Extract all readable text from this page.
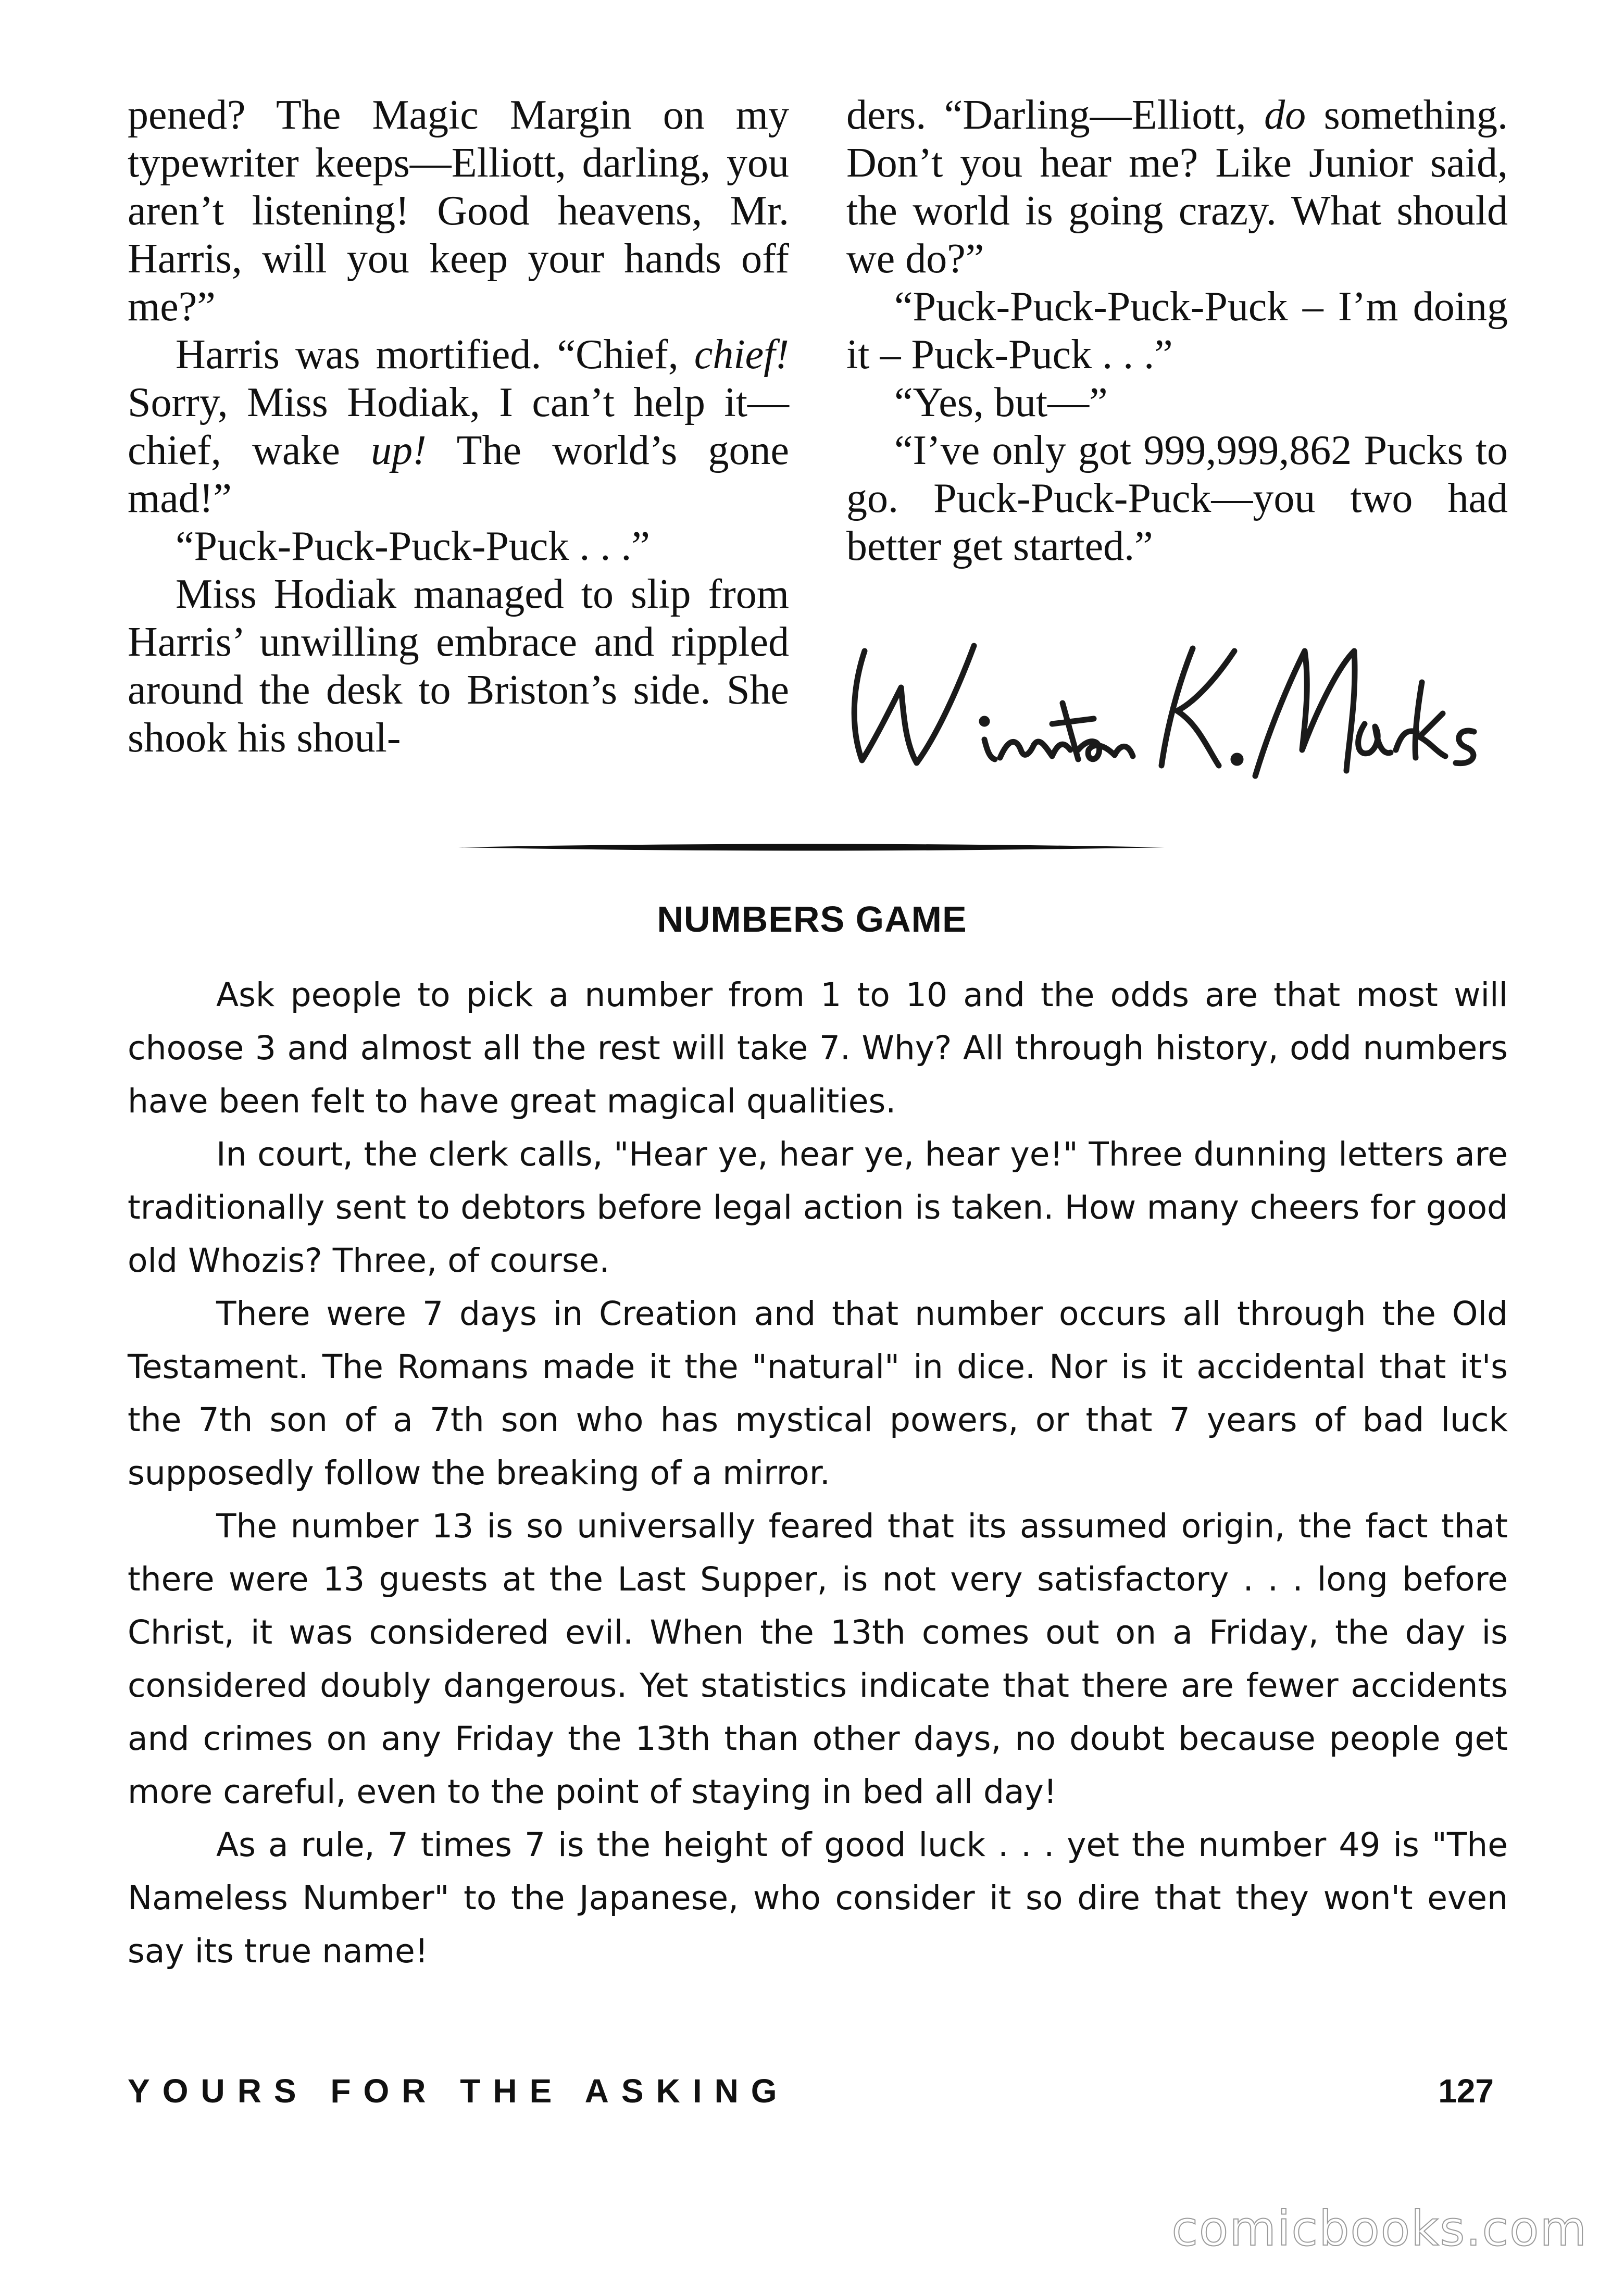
pened? The Magic Margin on my typewriter keeps—Elliott, darling, you aren’t listening! Good heavens, Mr. Harris, will you keep your hands off me?”

Harris was mortified. “Chief, chief! Sorry, Miss Hodiak, I can’t help it—chief, wake up! The world’s gone mad!”

“Puck-Puck-Puck-Puck . . .”

Miss Hodiak managed to slip from Harris’ unwilling embrace and rippled around the desk to Briston’s side. She shook his shoul-

ders. “Darling—Elliott, do something. Don’t you hear me? Like Junior said, the world is going crazy. What should we do?”

“Puck-Puck-Puck-Puck – I’m doing it – Puck-Puck . . .”

“Yes, but—”

“I’ve only got 999,999,862 Pucks to go. Puck-Puck-Puck—you two had better get started.”

NUMBERS GAME

Ask people to pick a number from 1 to 10 and the odds are that most will choose 3 and almost all the rest will take 7. Why? All through history, odd numbers have been felt to have great magical qualities.

In court, the clerk calls, "Hear ye, hear ye, hear ye!" Three dunning letters are traditionally sent to debtors before legal action is taken. How many cheers for good old Whozis? Three, of course.

There were 7 days in Creation and that number occurs all through the Old Testament. The Romans made it the "natural" in dice. Nor is it accidental that it's the 7th son of a 7th son who has mystical powers, or that 7 years of bad luck supposedly follow the breaking of a mirror.

The number 13 is so universally feared that its assumed origin, the fact that there were 13 guests at the Last Supper, is not very satisfactory . . . long before Christ, it was considered evil. When the 13th comes out on a Friday, the day is considered doubly dangerous. Yet statistics indicate that there are fewer accidents and crimes on any Friday the 13th than other days, no doubt because people get more careful, even to the point of staying in bed all day!

As a rule, 7 times 7 is the height of good luck . . . yet the number 49 is "The Nameless Number" to the Japanese, who consider it so dire that they won't even say its true name!

YOURS FOR THE ASKING	127
comicbooks.com
